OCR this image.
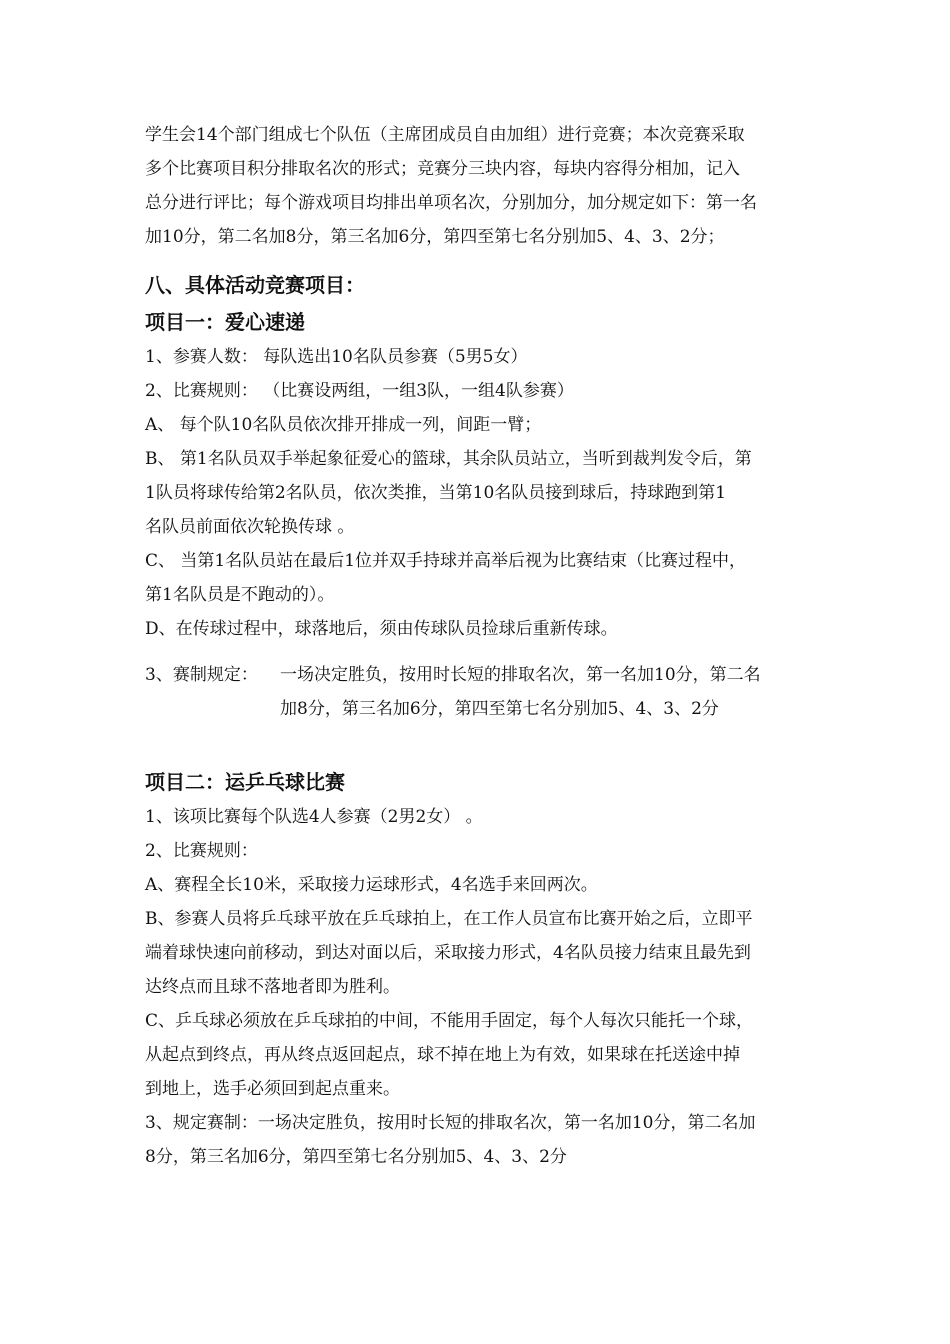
学生会14个部门组成七个队伍（主席团成员自由加组）进行竞赛；本次竞赛采取
多个比赛项目积分排取名次的形式；竞赛分三块内容，每块内容得分相加，记入
总分进行评比；每个游戏项目均排出单项名次，分别加分，加分规定如下：第一名
加10分，第二名加8分，第三名加6分，第四至第七名分别加5、4、3、2分；
八、具体活动竞赛项目：
项目一：爱心速递
1、参赛人数： 每队选出10名队员参赛（5男5女）
2、比赛规则： （比赛设两组，一组3队，一组4队参赛）
A、 每个队10名队员依次排开排成一列，间距一臂；
B、 第1名队员双手举起象征爱心的篮球，其余队员站立，当听到裁判发令后，第
1队员将球传给第2名队员，依次类推，当第10名队员接到球后，持球跑到第1
名队员前面依次轮换传球 。
C、 当第1名队员站在最后1位并双手持球并高举后视为比赛结束（比赛过程中，
第1名队员是不跑动的）。
D、在传球过程中，球落地后，须由传球队员捡球后重新传球。
3、赛制规定： 一场决定胜负，按用时长短的排取名次，第一名加10分，第二名
加8分，第三名加6分，第四至第七名分别加5、4、3、2分
项目二：运乒乓球比赛
1、该项比赛每个队选4人参赛（2男2女） 。
2、比赛规则：
A、赛程全长10米，采取接力运球形式，4名选手来回两次。
B、参赛人员将乒乓球平放在乒乓球拍上，在工作人员宣布比赛开始之后，立即平
端着球快速向前移动，到达对面以后，采取接力形式，4名队员接力结束且最先到
达终点而且球不落地者即为胜利。
C、乒乓球必须放在乒乓球拍的中间，不能用手固定，每个人每次只能托一个球，
从起点到终点，再从终点返回起点，球不掉在地上为有效，如果球在托送途中掉
到地上，选手必须回到起点重来。
3、规定赛制：一场决定胜负，按用时长短的排取名次，第一名加10分，第二名加
8分，第三名加6分，第四至第七名分别加5、4、3、2分
